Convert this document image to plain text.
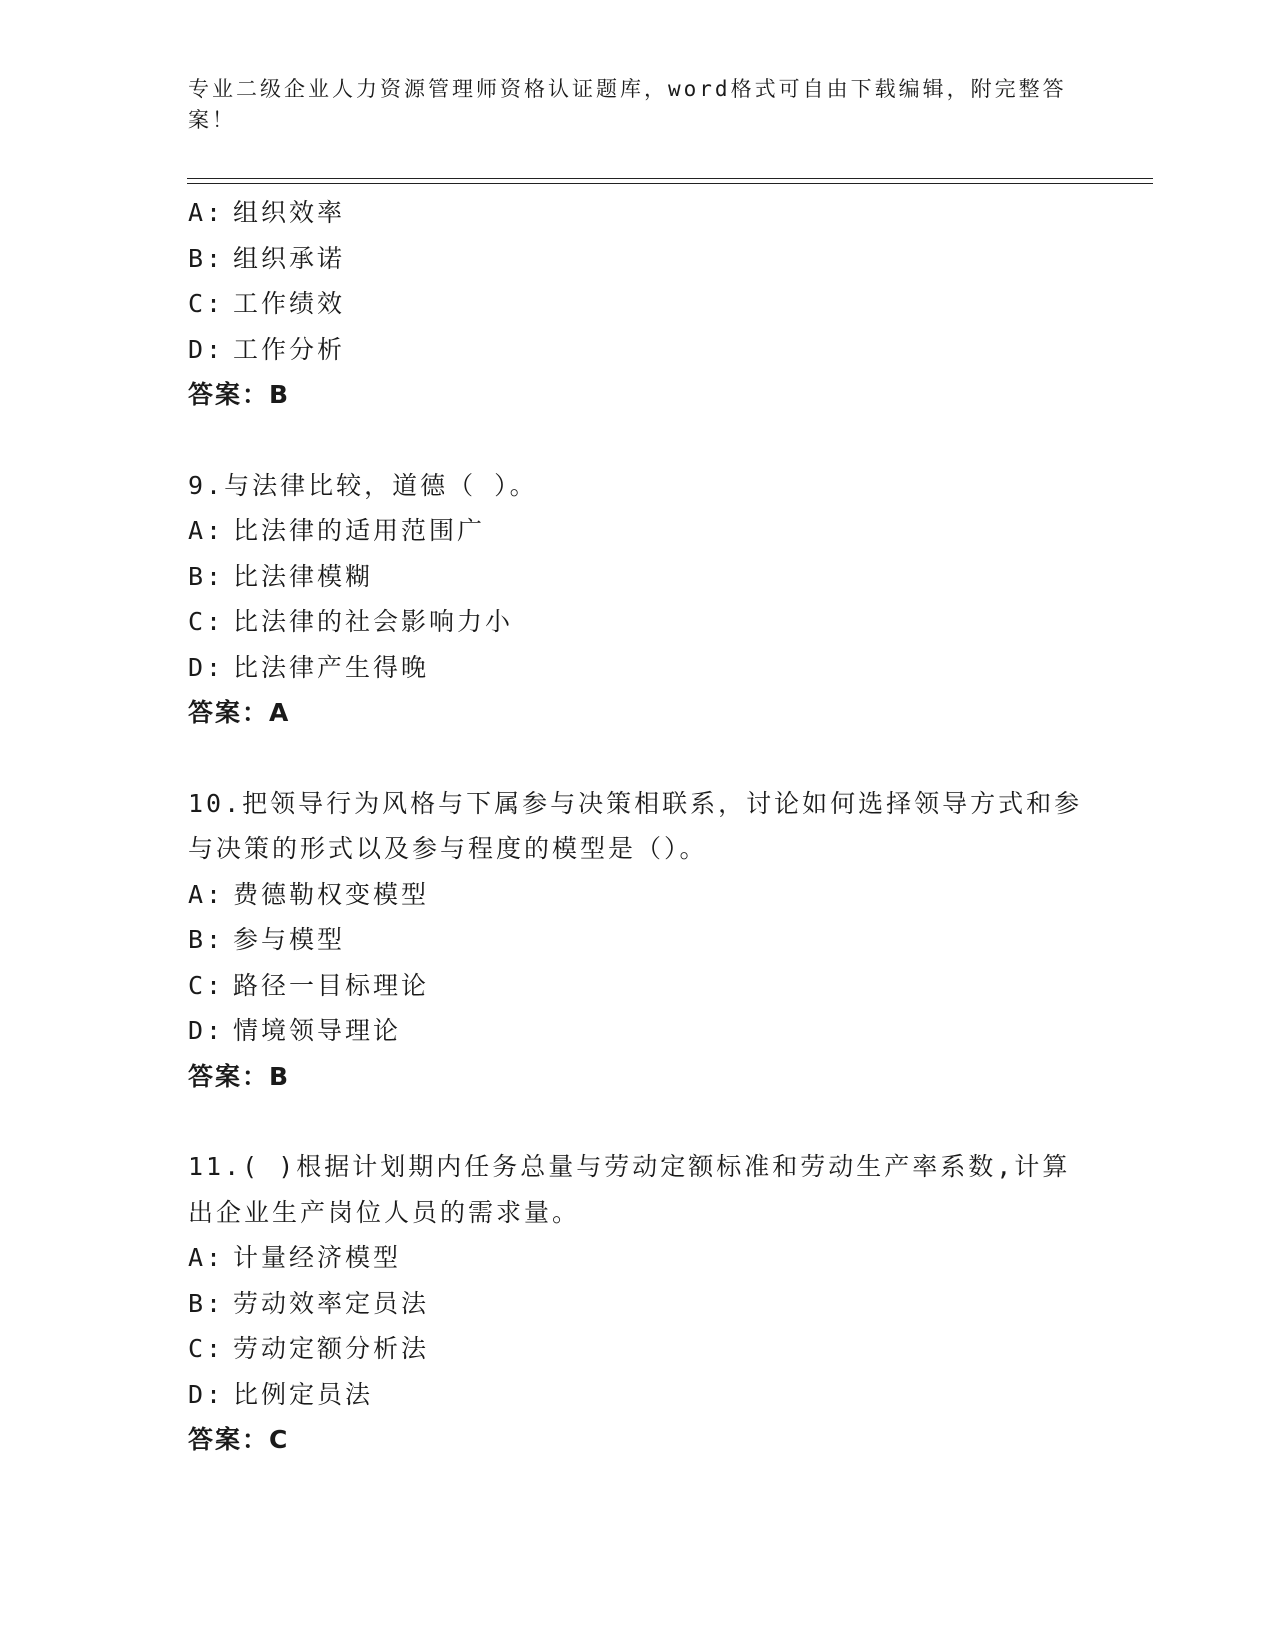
专业二级企业人力资源管理师资格认证题库，word格式可自由下载编辑，附完整答案！
A: 组织效率
B: 组织承诺
C: 工作绩效
D: 工作分析
答案：B
9.与法律比较，道德（ ）。
A: 比法律的适用范围广
B: 比法律模糊
C: 比法律的社会影响力小
D: 比法律产生得晚
答案：A
10.把领导行为风格与下属参与决策相联系，讨论如何选择领导方式和参与决策的形式以及参与程度的模型是（）。
A: 费德勒权变模型
B: 参与模型
C: 路径一目标理论
D: 情境领导理论
答案：B
11.( )根据计划期内任务总量与劳动定额标准和劳动生产率系数,计算出企业生产岗位人员的需求量。
A: 计量经济模型
B: 劳动效率定员法
C: 劳动定额分析法
D: 比例定员法
答案：C
